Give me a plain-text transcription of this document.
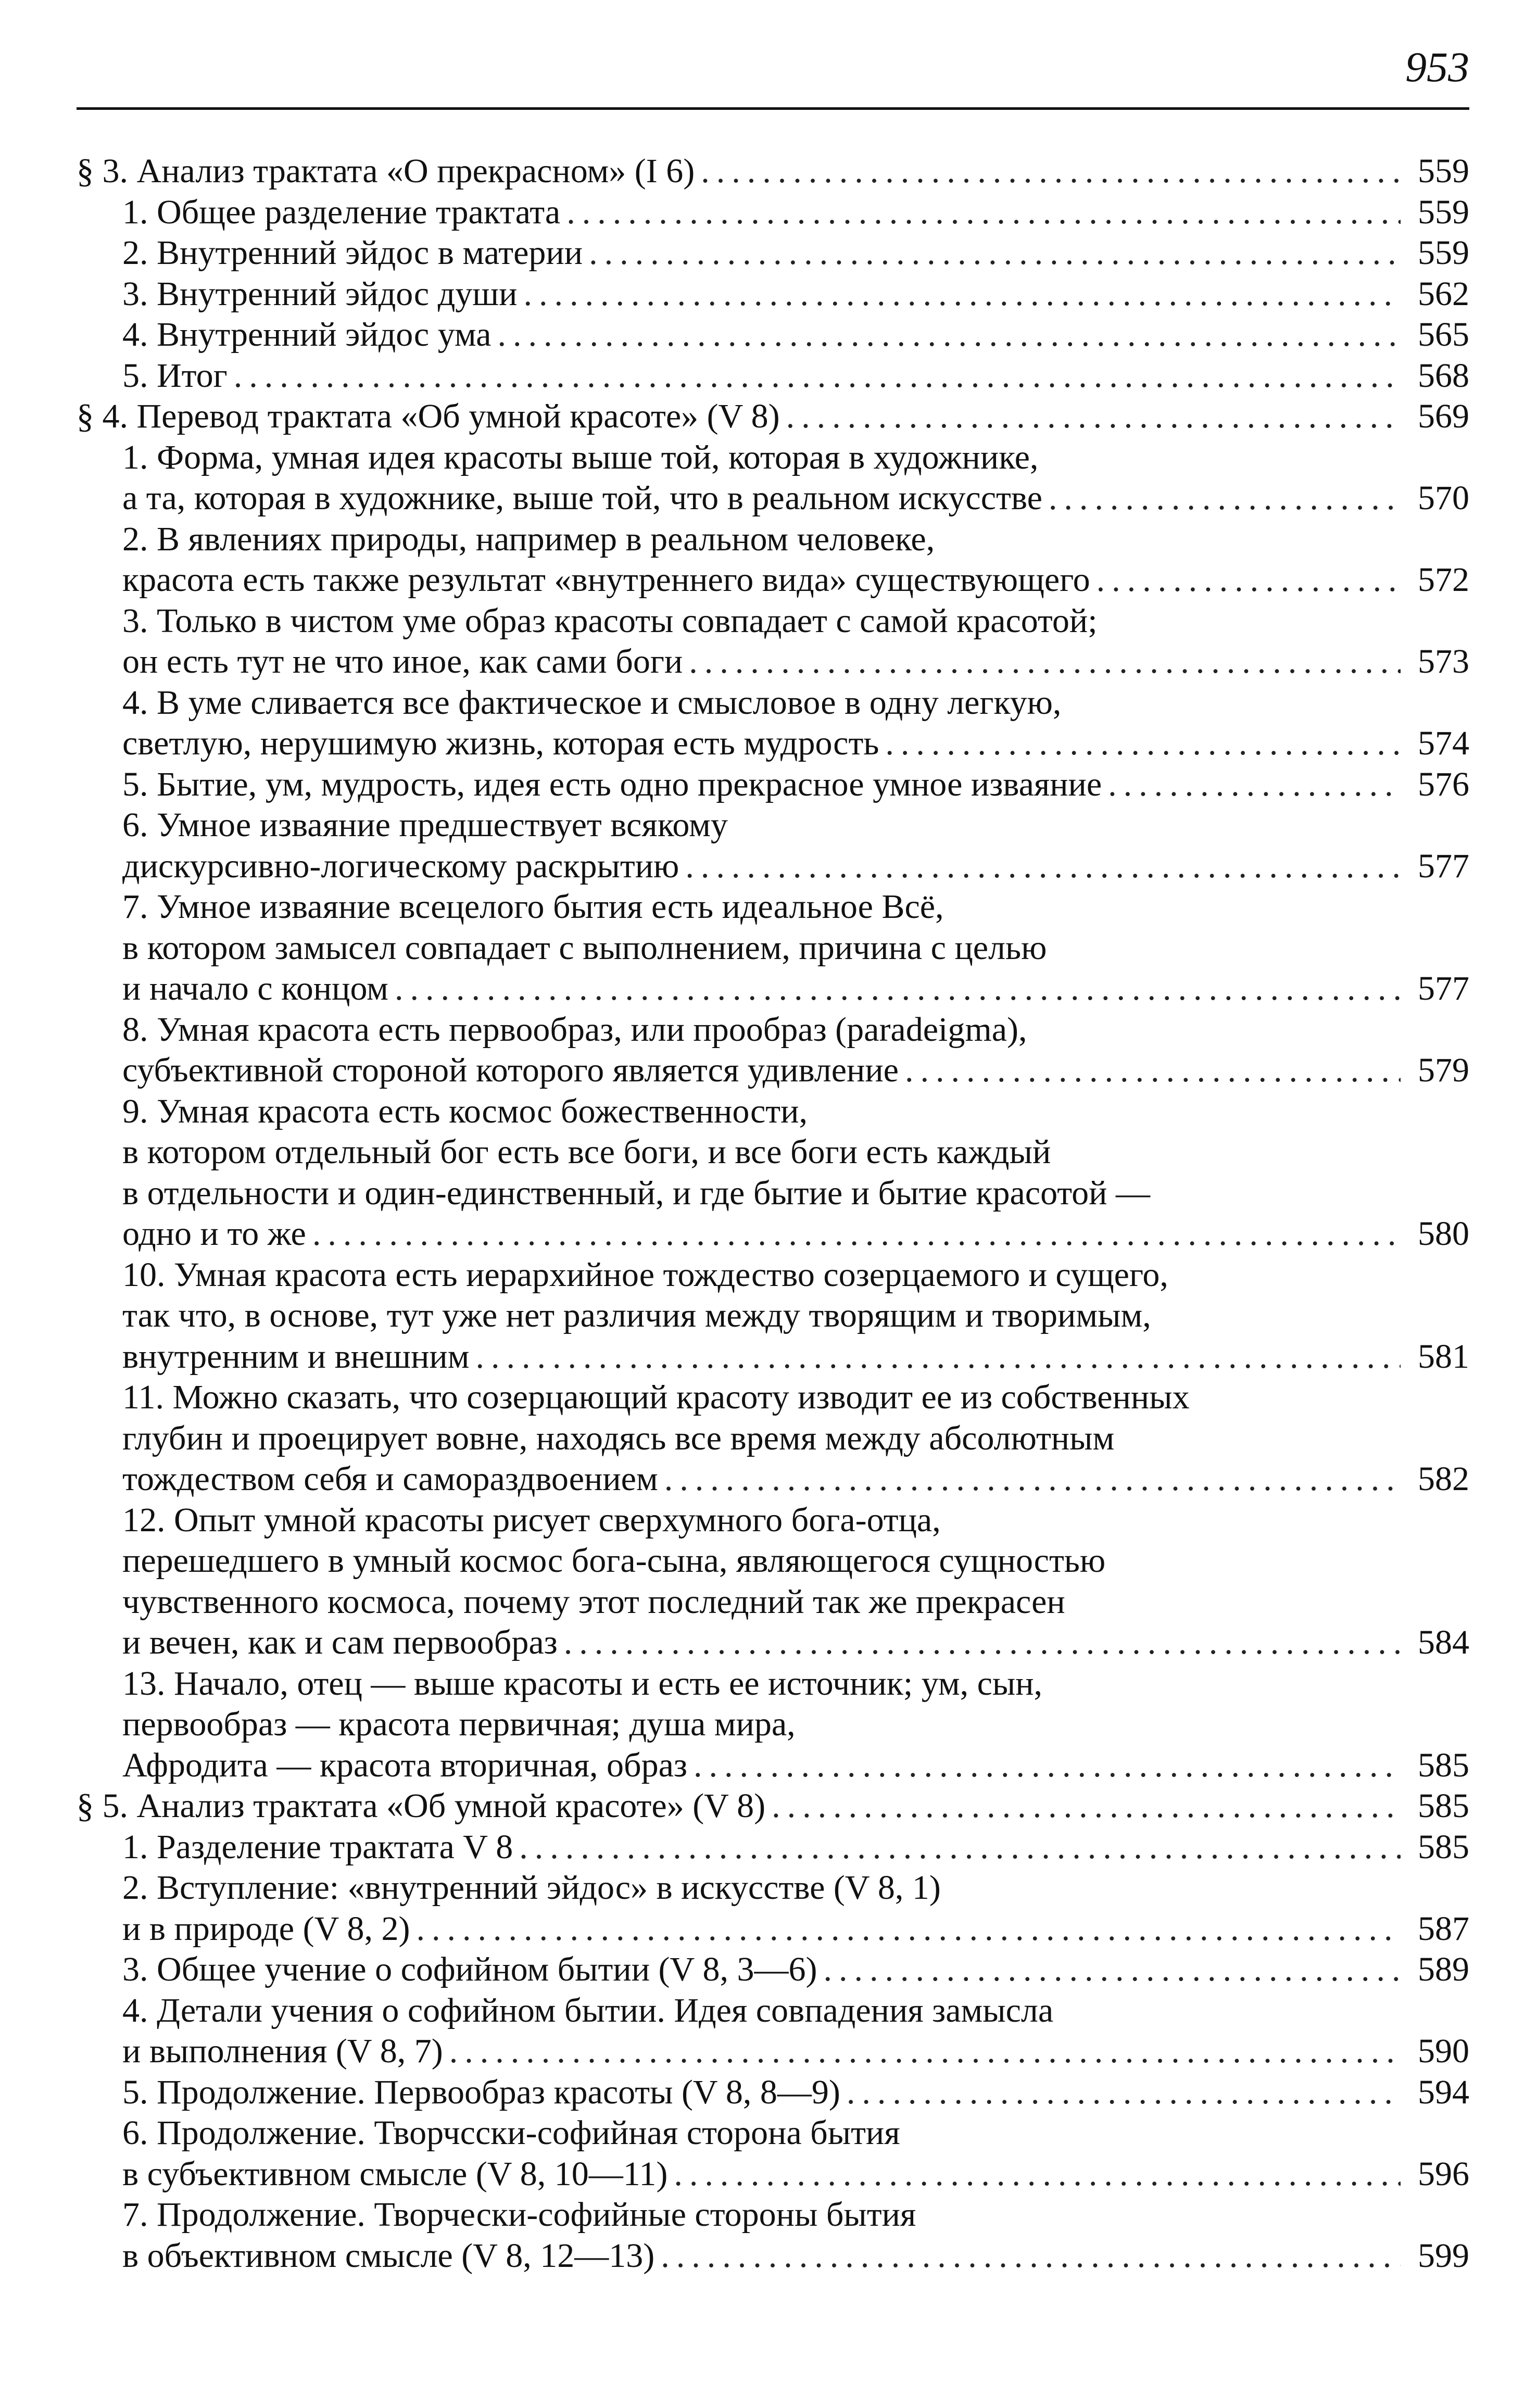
953
§ 3. Анализ трактата «О прекрасном» (I 6) .....	559
1. Общее разделение трактата .....	559
2. Внутренний эйдос в материи .....	559
3. Внутренний эйдос души .....	562
4. Внутренний эйдос ума .....	565
5. Итог .....	568
§ 4. Перевод трактата «Об умной красоте» (V 8) .....	569
1. Форма, умная идея красоты выше той, которая в художнике,
а та, которая в художнике, выше той, что в реальном искусстве .....	570
2. В явлениях природы, например в реальном человеке,
красота есть также результат «внутреннего вида» существующего .....	572
3. Только в чистом уме образ красоты совпадает с самой красотой;
он есть тут не что иное, как сами боги .....	573
4. В уме сливается все фактическое и смысловое в одну легкую,
светлую, нерушимую жизнь, которая есть мудрость .....	574
5. Бытие, ум, мудрость, идея есть одно прекрасное умное изваяние .....	576
6. Умное изваяние предшествует всякому
дискурсивно-логическому раскрытию .....	577
7. Умное изваяние всецелого бытия есть идеальное Всё,
в котором замысел совпадает с выполнением, причина с целью
и начало с концом .....	577
8. Умная красота есть первообраз, или прообраз (paradeigma),
субъективной стороной которого является удивление .....	579
9. Умная красота есть космос божественности,
в котором отдельный бог есть все боги, и все боги есть каждый
в отдельности и один-единственный, и где бытие и бытие красотой —
одно и то же .....	580
10. Умная красота есть иерархийное тождество созерцаемого и сущего,
так что, в основе, тут уже нет различия между творящим и творимым,
внутренним и внешним .....	581
11. Можно сказать, что созерцающий красоту изводит ее из собственных
глубин и проецирует вовне, находясь все время между абсолютным
тождеством себя и самораздвоением .....	582
12. Опыт умной красоты рисует сверхумного бога-отца,
перешедшего в умный космос бога-сына, являющегося сущностью
чувственного космоса, почему этот последний так же прекрасен
и вечен, как и сам первообраз .....	584
13. Начало, отец — выше красоты и есть ее источник; ум, сын,
первообраз — красота первичная; душа мира,
Афродита — красота вторичная, образ .....	585
§ 5. Анализ трактата «Об умной красоте» (V 8) .....	585
1. Разделение трактата V 8 .....	585
2. Вступление: «внутренний эйдос» в искусстве (V 8, 1)
и в природе (V 8, 2) .....	587
3. Общее учение о софийном бытии (V 8, 3—6) .....	589
4. Детали учения о софийном бытии. Идея совпадения замысла
и выполнения (V 8, 7) .....	590
5. Продолжение. Первообраз красоты (V 8, 8—9) .....	594
6. Продолжение. Творчсски-софийная сторона бытия
в субъективном смысле (V 8, 10—11) .....	596
7. Продолжение. Творчески-софийные стороны бытия
в объективном смысле (V 8, 12—13) .....	599
